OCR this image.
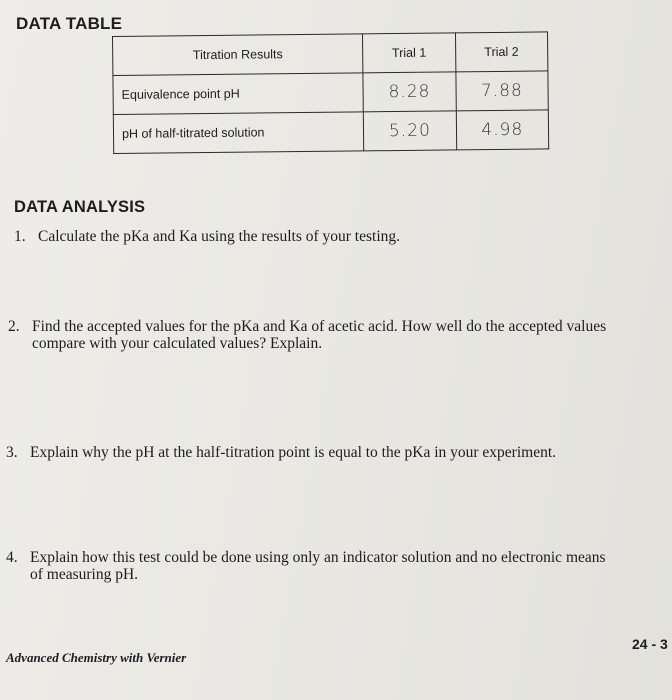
DATA TABLE
Titration Results	Trial 1	Trial 2
Equivalence point pH	8.28	7.88
pH of half-titrated solution	5.20	4.98
DATA ANALYSIS
1. Calculate the pKa and Ka using the results of your testing.
2. Find the accepted values for the pKa and Ka of acetic acid. How well do the accepted values
compare with your calculated values? Explain.
3. Explain why the pH at the half-titration point is equal to the pKa in your experiment.
4. Explain how this test could be done using only an indicator solution and no electronic means
of measuring pH.
Advanced Chemistry with Vernier
24 - 3
